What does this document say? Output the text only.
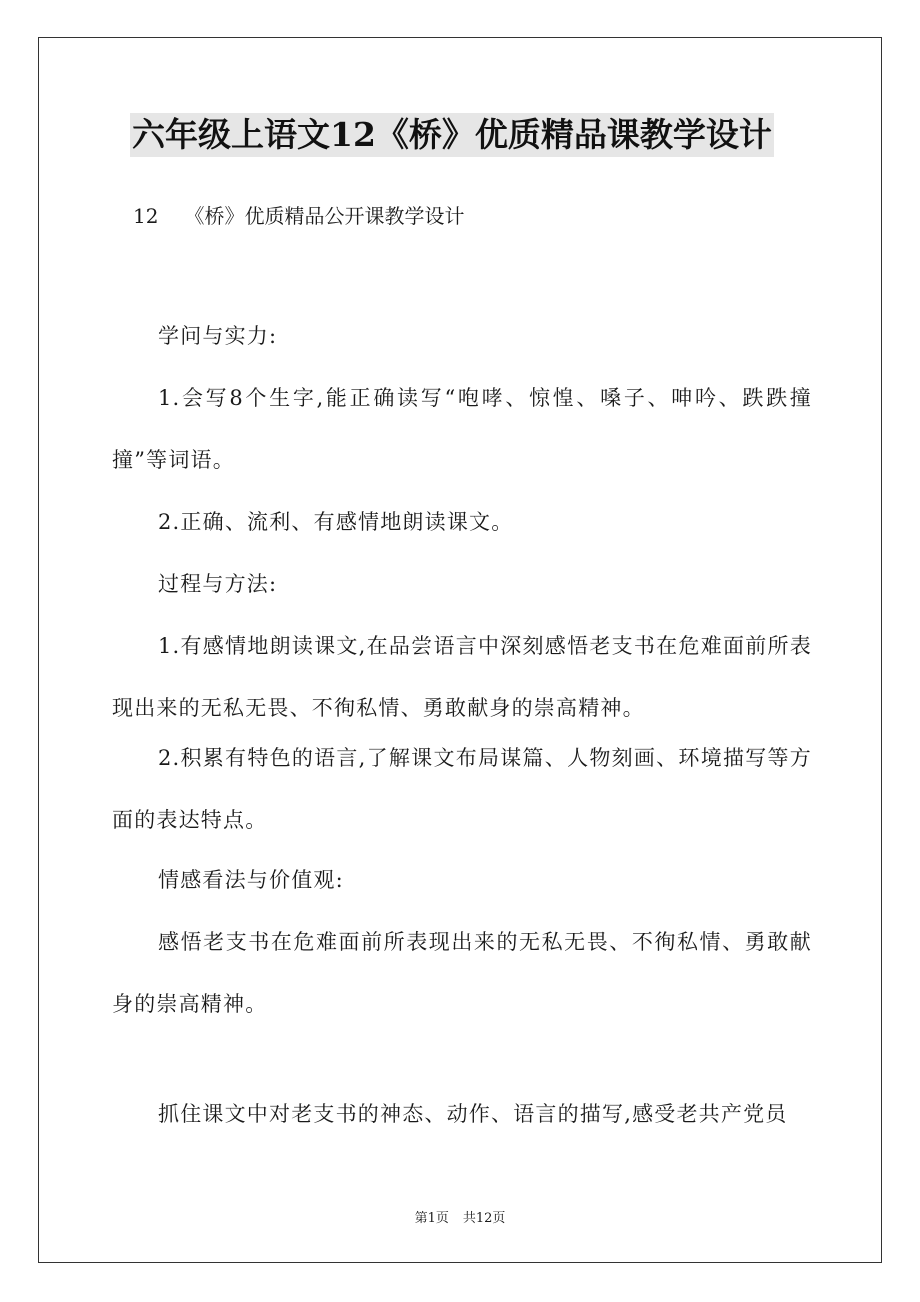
六年级上语文12《桥》优质精品课教学设计
12 《桥》优质精品公开课教学设计

学问与实力:

1.会写8个生字,能正确读写“咆哮、惊惶、嗓子、呻吟、跌跌撞撞”等词语。

2.正确、流利、有感情地朗读课文。

过程与方法:

1.有感情地朗读课文,在品尝语言中深刻感悟老支书在危难面前所表现出来的无私无畏、不徇私情、勇敢献身的崇高精神。

2.积累有特色的语言,了解课文布局谋篇、人物刻画、环境描写等方面的表达特点。

情感看法与价值观:

感悟老支书在危难面前所表现出来的无私无畏、不徇私情、勇敢献身的崇高精神。

抓住课文中对老支书的神态、动作、语言的描写,感受老共产党员

第1页 共12页
